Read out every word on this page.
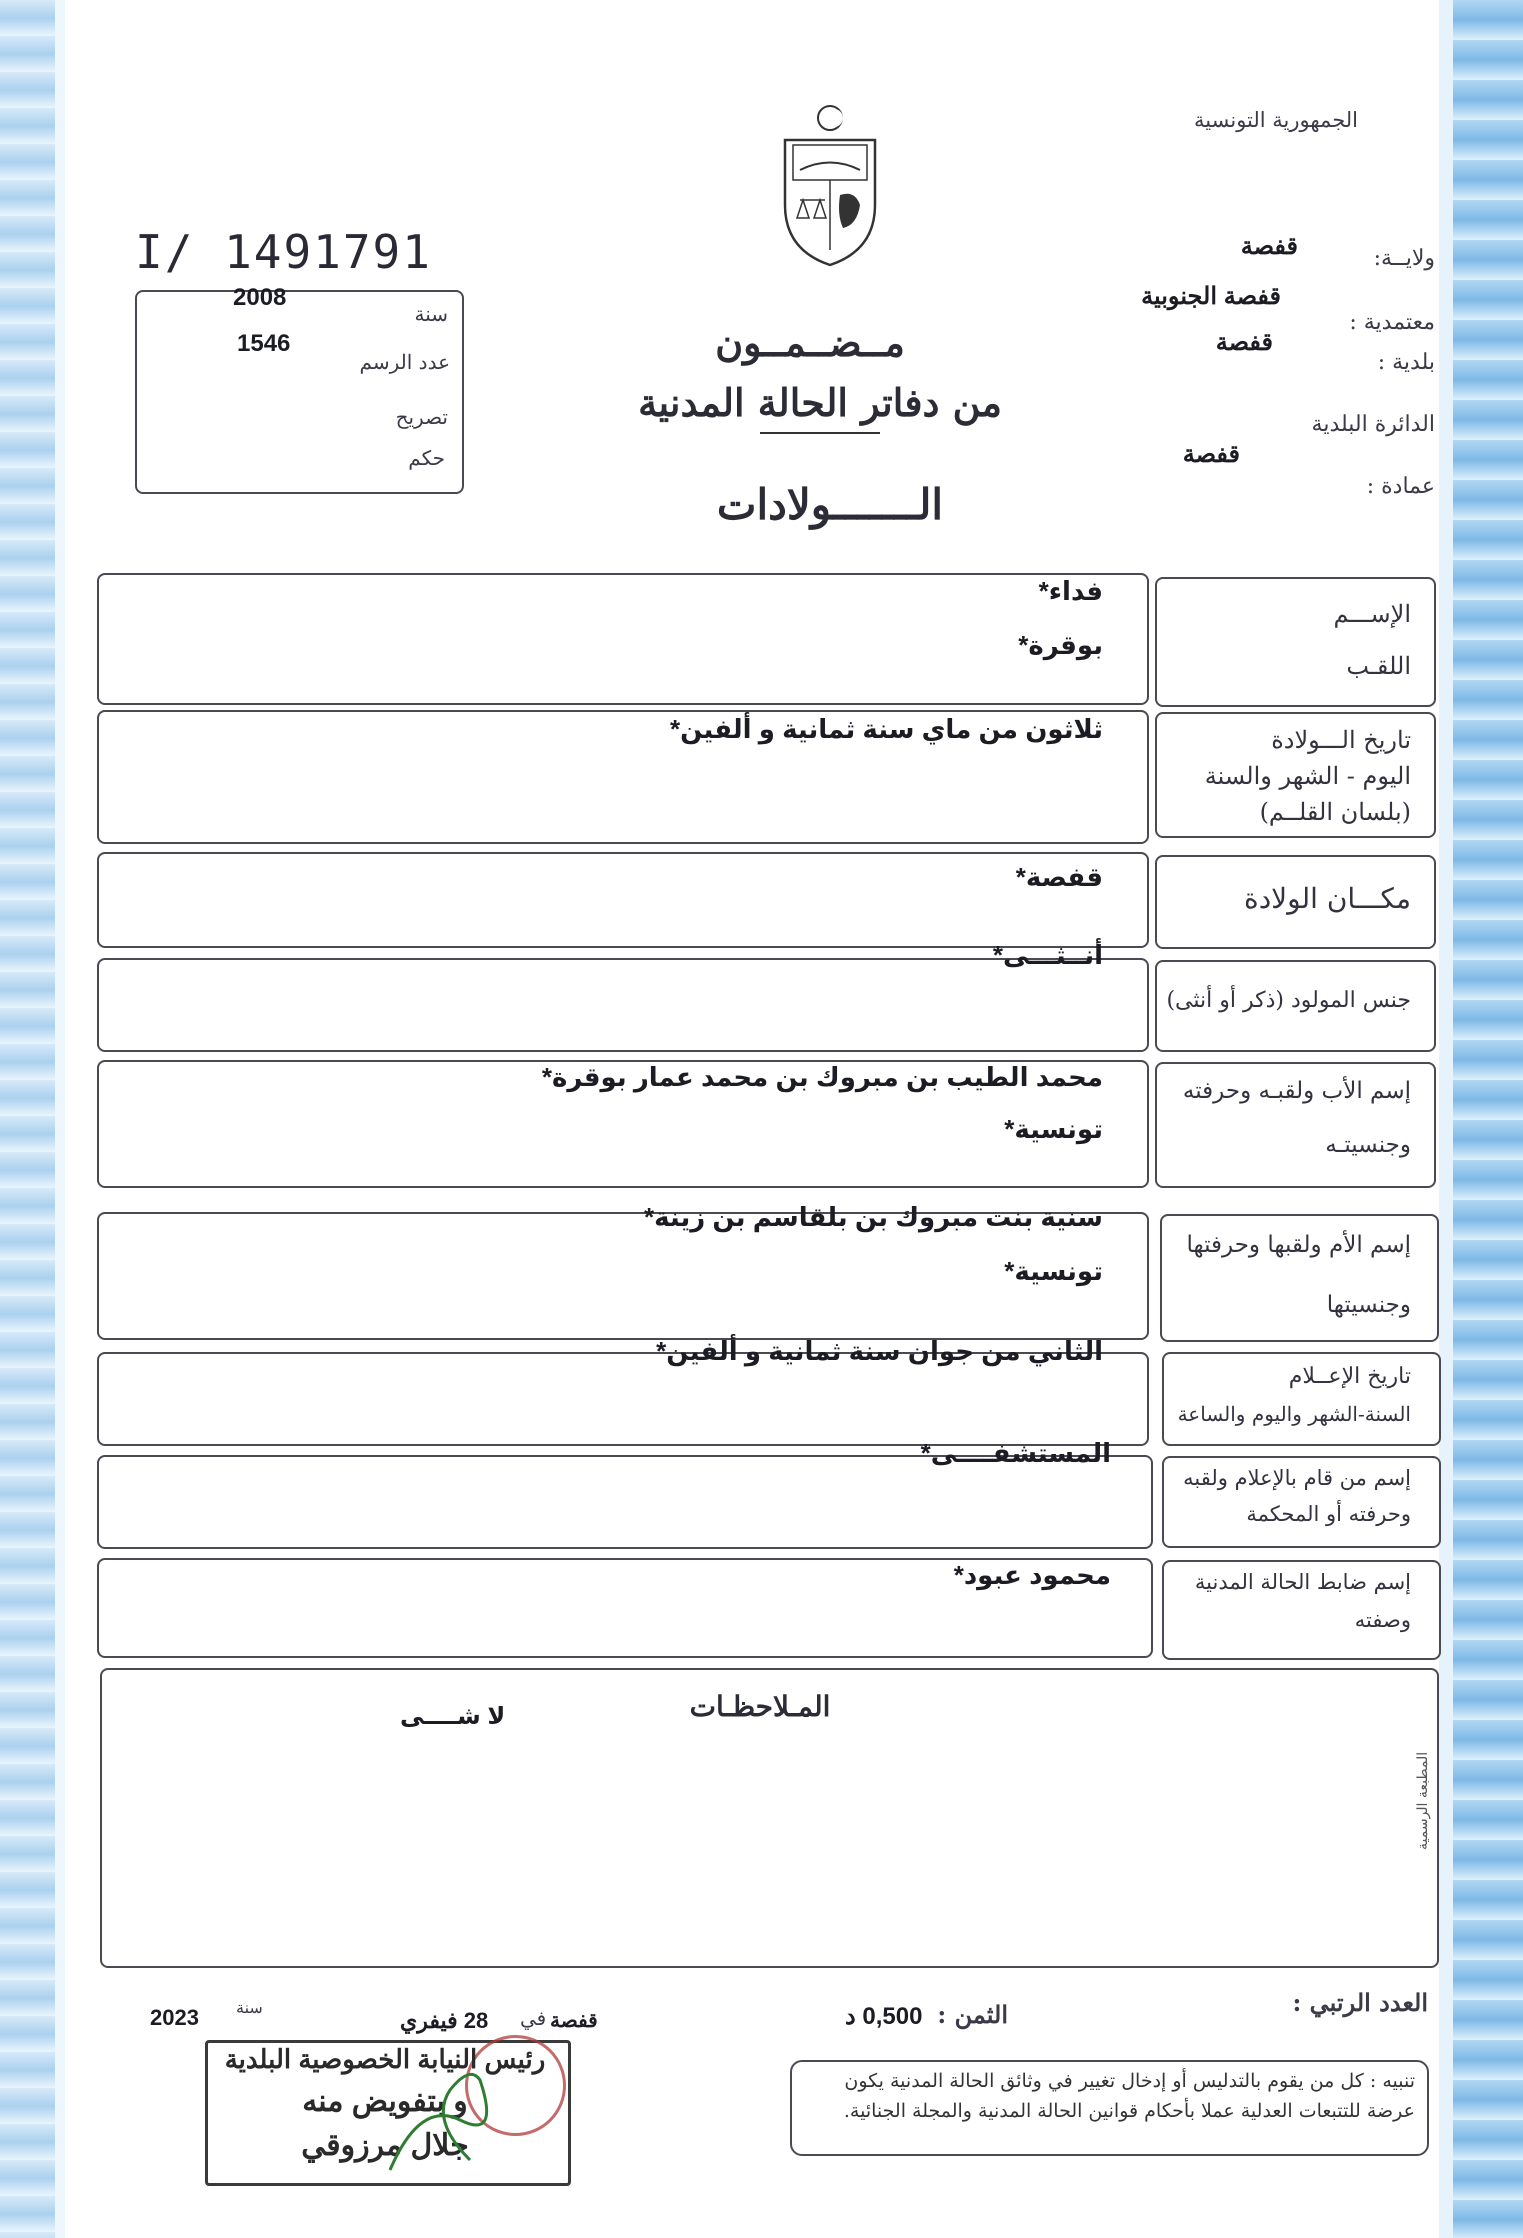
الجمهورية التونسية
I/ 1491791
2008
سنة
1546
عدد الرسم
تصريح
حكم
مــضــمــون
من دفاتر الحالة المدنية
الـــــــولادات
ولايــة:
قفصة
قفصة الجنوبية
معتمدية :
قفصة
بلدية :
الدائرة البلدية
قفصة
عمادة :
الإســـم
اللقـب
فداء*
بوقرة*
تاريخ الـــولادة
اليوم - الشهر والسنة
(بلسان القلــم)
ثلاثون من ماي سنة ثمانية و ألفين*
مكـــان الولادة
قفصة*
جنس المولود (ذكر أو أنثى)
أنــثـــى*
إسم الأب ولقبـه وحرفته
وجنسيتـه
محمد الطيب بن مبروك بن محمد عمار بوقرة*
تونسية*
إسم الأم ولقبها وحرفتها
وجنسيتها
سنية بنت مبروك بن بلقاسم بن زينة*
تونسية*
تاريخ الإعــلام
السنة-الشهر واليوم والساعة
الثاني من جوان سنة ثمانية و ألفين*
إسم من قام بالإعلام ولقبه
وحرفته أو المحكمة
المستشفــــى*
إسم ضابط الحالة المدنية
وصفته
محمود عبود*
المـلاحظـات
لا شــــى
المطبعة الرسمية
العدد الرتبي :
الثمن :
0,500 د
2023 سنة
28 فيفري في قفصة
تنبيه : كل من يقوم بالتدليس أو إدخال تغيير في وثائق الحالة المدنية يكون عرضة للتتبعات العدلية عملا بأحكام قوانين الحالة المدنية والمجلة الجنائية.
رئيس النيابة الخصوصية البلدية
و بتفويض منه
جلال مرزوقي
